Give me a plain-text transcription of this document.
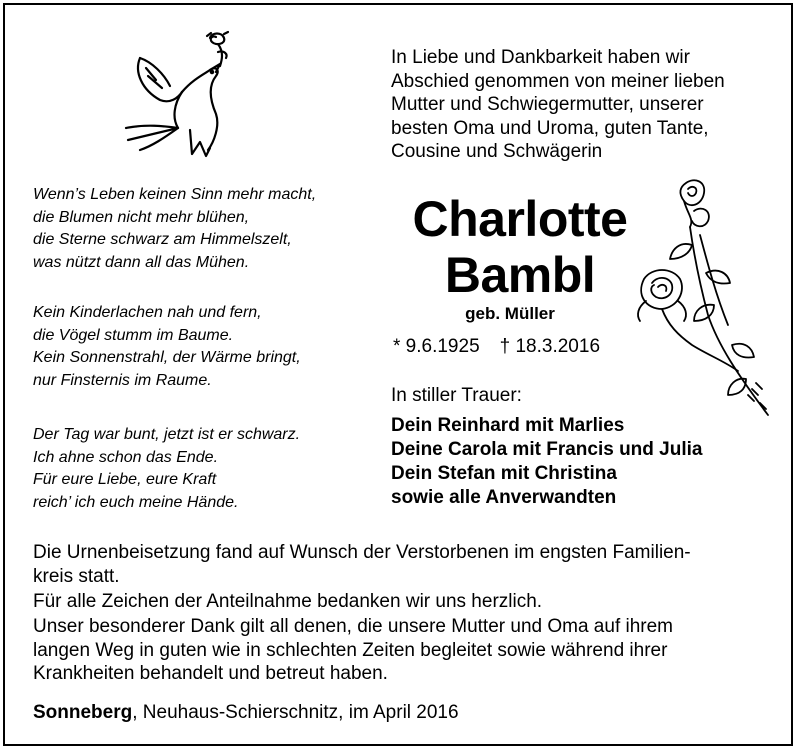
In Liebe und Dankbarkeit haben wir
Abschied genommen von meiner lieben
Mutter und Schwiegermutter, unserer
besten Oma und Uroma, guten Tante,
Cousine und Schwägerin
Wenn’s Leben keinen Sinn mehr macht,
die Blumen nicht mehr blühen,
die Sterne schwarz am Himmelszelt,
was nützt dann all das Mühen.
Kein Kinderlachen nah und fern,
die Vögel stumm im Baume.
Kein Sonnenstrahl, der Wärme bringt,
nur Finsternis im Raume.
Der Tag war bunt, jetzt ist er schwarz.
Ich ahne schon das Ende.
Für eure Liebe, eure Kraft
reich’ ich euch meine Hände.
Charlotte
Bambl
geb. Müller
* 9.6.1925 † 18.3.2016
In stiller Trauer:
Dein Reinhard mit Marlies
Deine Carola mit Francis und Julia
Dein Stefan mit Christina
sowie alle Anverwandten
Die Urnenbeisetzung fand auf Wunsch der Verstorbenen im engsten Familien-
kreis statt.
Für alle Zeichen der Anteilnahme bedanken wir uns herzlich.
Unser besonderer Dank gilt all denen, die unsere Mutter und Oma auf ihrem
langen Weg in guten wie in schlechten Zeiten begleitet sowie während ihrer
Krankheiten behandelt und betreut haben.
Sonneberg, Neuhaus-Schierschnitz, im April 2016
